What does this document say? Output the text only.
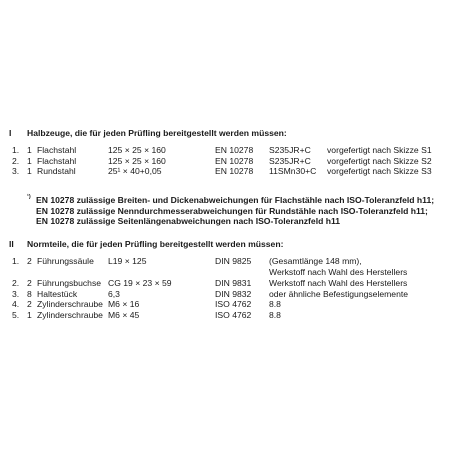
I Halbzeuge, die für jeden Prüfling bereitgestellt werden müssen:
1. 1 Flachstahl	125 × 25 × 160	EN 10278 S235JR+C vorgefertigt nach Skizze S1
2. 1 Flachstahl	125 × 25 × 160	EN 10278 S235JR+C vorgefertigt nach Skizze S2
3. 1 Rundstahl	25¹ × 40+0,05	EN 10278 11SMn30+C vorgefertigt nach Skizze S3
¹) EN 10278 zulässige Breiten- und Dickenabweichungen für Flachstähle nach ISO-Toleranzfeld h11;
EN 10278 zulässige Nenndurchmesserabweichungen für Rundstähle nach ISO-Toleranzfeld h11;
EN 10278 zulässige Seitenlängenabweichungen nach ISO-Toleranzfeld h11
II Normteile, die für jeden Prüfling bereitgestellt werden müssen:
1. 2 Führungssäule L19 × 125	DIN 9825 (Gesamtlänge 148 mm),
Werkstoff nach Wahl des Herstellers
2. 2 Führungsbuchse CG 19 × 23 × 59	DIN 9831 Werkstoff nach Wahl des Herstellers
3. 8 Haltestück	6,3	DIN 9832 oder ähnliche Befestigungselemente
4. 2 Zylinderschraube M6 × 16	ISO 4762 8.8
5. 1 Zylinderschraube M6 × 45	ISO 4762 8.8
